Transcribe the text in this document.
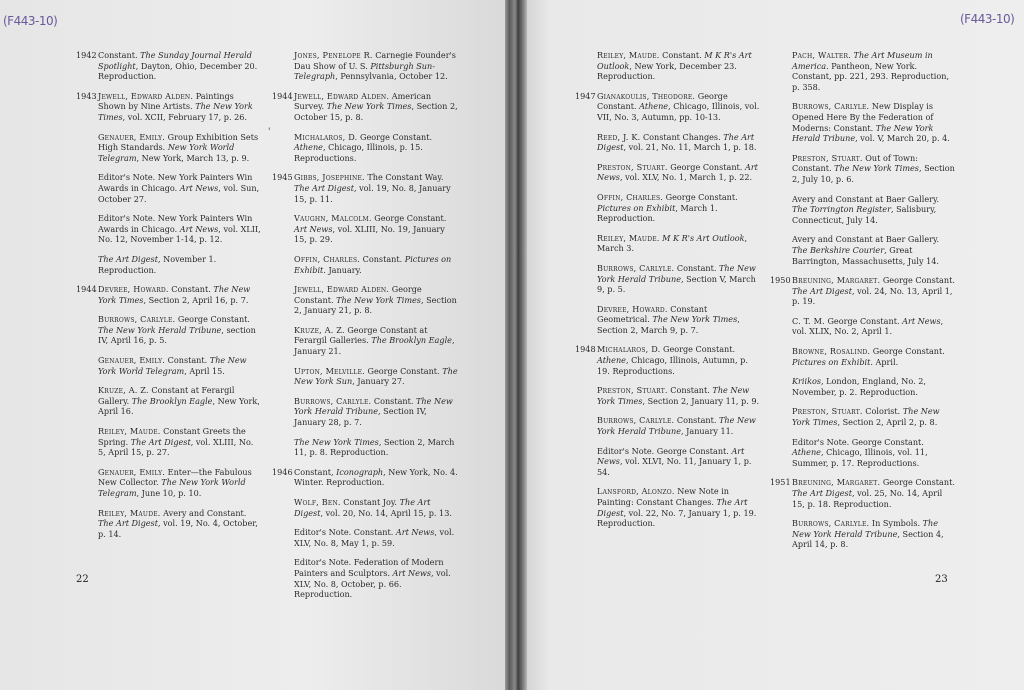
(F443-10)
1942 Constant. The Sunday Journal Herald Spotlight, Dayton, Ohio, December 20. Reproduction.
1943 Jewell, Edward Alden. Paintings Shown by Nine Artists. The New York Times, vol. XCII, February 17, p. 26.
Genauer, Emily. Group Exhibition Sets High Standards. New York World Telegram, New York, March 13, p. 9.
Editor's Note. New York Painters Win Awards in Chicago. Art News, vol. Sun, October 27.
Editor's Note. New York Painters Win Awards in Chicago. Art News, vol. XLII, No. 12, November 1-14, p. 12.
The Art Digest, November 1. Reproduction.
1944 Devree, Howard. Constant. The New York Times, Section 2, April 16, p. 7.
Burrows, Carlyle. George Constant. The New York Herald Tribune, section IV, April 16, p. 5.
Genauer, Emily. Constant. The New York World Telegram, April 15.
Kruze, A. Z. Constant at Ferargil Gallery. The Brooklyn Eagle, New York, April 16.
Reiley, Maude. Constant Greets the Spring. The Art Digest, vol. XLIII, No. 5, April 15, p. 27.
Genauer, Emily. Enter—the Fabulous New Collector. The New York World Telegram, June 10, p. 10.
Reiley, Maude. Avery and Constant. The Art Digest, vol. 19, No. 4, October, p. 14.
Jones, Penelope R. Carnegie Founder's Dau Show of U. S. Pittsburgh Sun-Telegraph, Pennsylvania, October 12.
1944 Jewell, Edward Alden. American Survey. The New York Times, Section 2, October 15, p. 8.
Michalaros, D. George Constant. Athene, Chicago, Illinois, p. 15. Reproductions.
1945 Gibbs, Josephine. The Constant Way. The Art Digest, vol. 19, No. 8, January 15, p. 11.
Vaughn, Malcolm. George Constant. Art News, vol. XLIII, No. 19, January 15, p. 29.
Offin, Charles. Constant. Pictures on Exhibit. January.
Jewell, Edward Alden. George Constant. The New York Times, Section 2, January 21, p. 8.
Kruze, A. Z. George Constant at Ferargil Galleries. The Brooklyn Eagle, January 21.
Upton, Melville. George Constant. The New York Sun, January 27.
Burrows, Carlyle. Constant. The New York Herald Tribune, Section IV, January 28, p. 7.
The New York Times, Section 2, March 11, p. 8. Reproduction.
1946 Constant, Iconograph, New York, No. 4. Winter. Reproduction.
Wolf, Ben. Constant Joy. The Art Digest, vol. 20, No. 14, April 15, p. 13.
Editor's Note. Constant. Art News, vol. XLV, No. 8, May 1, p. 59.
Editor's Note. Federation of Modern Painters and Sculptors. Art News, vol. XLV, No. 8, October, p. 66. Reproduction.
'
22
(F443-10)
Reiley, Maude. Constant. M K R's Art Outlook, New York, December 23. Reproduction.
1947 Gianakoulis, Theodore. George Constant. Athene, Chicago, Illinois, vol. VII, No. 3, Autumn, pp. 10-13.
Reed, J. K. Constant Changes. The Art Digest, vol. 21, No. 11, March 1, p. 18.
Preston, Stuart. George Constant. Art News, vol. XLV, No. 1, March 1, p. 22.
Offin, Charles. George Constant. Pictures on Exhibit, March 1. Reproduction.
Reiley, Maude. M K R's Art Outlook, March 3.
Burrows, Carlyle. Constant. The New York Herald Tribune, Section V, March 9, p. 5.
Devree, Howard. Constant Geometrical. The New York Times, Section 2, March 9, p. 7.
1948 Michalaros, D. George Constant. Athene, Chicago, Illinois, Autumn, p. 19. Reproductions.
Preston, Stuart. Constant. The New York Times, Section 2, January 11, p. 9.
Burrows, Carlyle. Constant. The New York Herald Tribune, January 11.
Editor's Note. George Constant. Art News, vol. XLVI, No. 11, January 1, p. 54.
Lansford, Alonzo. New Note in Painting: Constant Changes. The Art Digest, vol. 22, No. 7, January 1, p. 19. Reproduction.
Pach, Walter. The Art Museum in America. Pantheon, New York. Constant, pp. 221, 293. Reproduction, p. 358.
Burrows, Carlyle. New Display is Opened Here By the Federation of Moderns: Constant. The New York Herald Tribune, vol. V, March 20, p. 4.
Preston, Stuart. Out of Town: Constant. The New York Times, Section 2, July 10, p. 6.
Avery and Constant at Baer Gallery. The Torrington Register, Salisbury, Connecticut, July 14.
Avery and Constant at Baer Gallery. The Berkshire Courier, Great Barrington, Massachusetts, July 14.
1950 Breuning, Margaret. George Constant. The Art Digest, vol. 24, No. 13, April 1, p. 19.
C. T. M. George Constant. Art News, vol. XLIX, No. 2, April 1.
Browne, Rosalind. George Constant. Pictures on Exhibit. April.
Kriikos, London, England, No. 2, November, p. 2. Reproduction.
Preston, Stuart. Colorist. The New York Times, Section 2, April 2, p. 8.
Editor's Note. George Constant. Athene, Chicago, Illinois, vol. 11, Summer, p. 17. Reproductions.
1951 Breuning, Margaret. George Constant. The Art Digest, vol. 25, No. 14, April 15, p. 18. Reproduction.
Burrows, Carlyle. In Symbols. The New York Herald Tribune, Section 4, April 14, p. 8.
23
